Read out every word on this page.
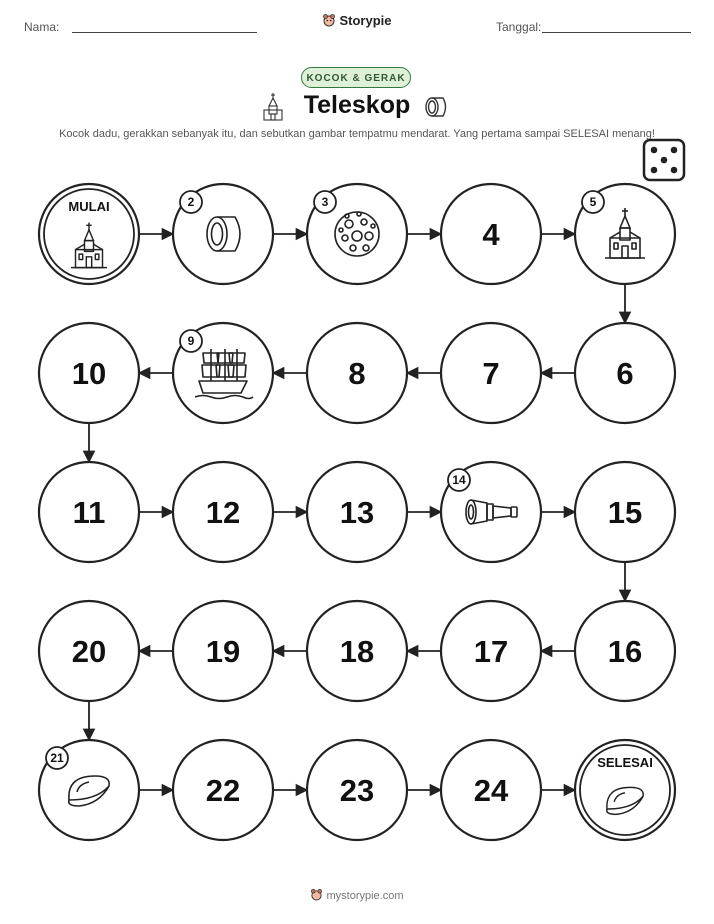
Nama:	Storypie	Tanggal:
KOCOK & GERAK
Teleskop
Kocok dadu, gerakkan sebanyak itu, dan sebutkan gambar tempatmu mendarat. Yang pertama sampai SELESAI menang!
MULAI	2	3
4
5
10
9
8	7	6
11	12	13
14
15
20	19	18	17	16
21
22	23	24
SELESAI
mystorypie.com
